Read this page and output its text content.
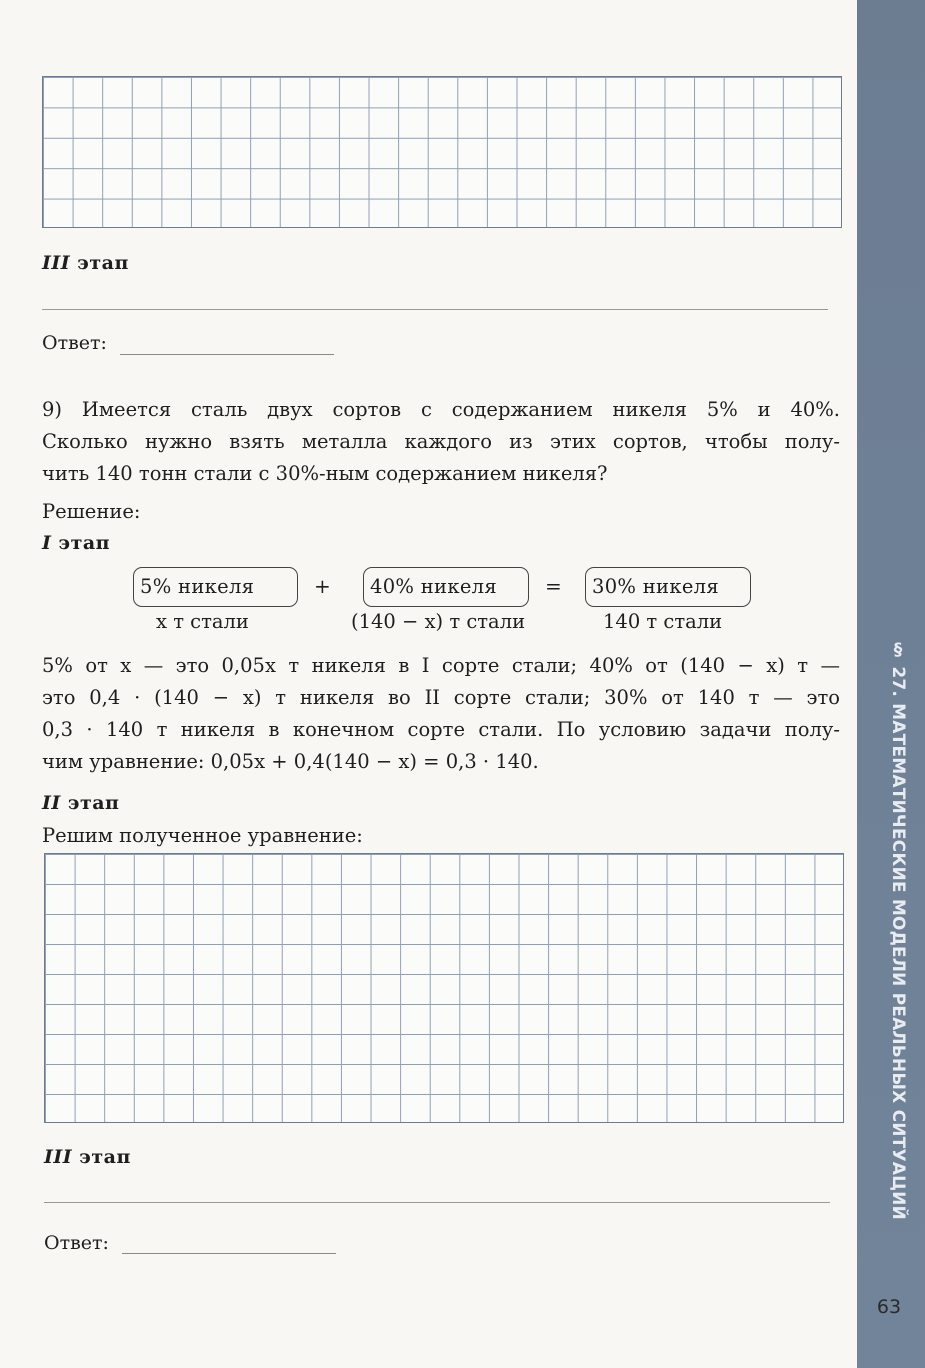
III этап
Ответ:
9) Имеется сталь двух сортов с содержанием никеля 5% и 40%.
Сколько нужно взять металла каждого из этих сортов, чтобы полу-
чить 140 тонн стали с 30%-ным содержанием никеля?
Решение:
I этап
5% никеля
x т стали
+	40% никеля
(140 − x) т стали
=	30% никеля
140 т стали
5% от x — это 0,05x т никеля в I сорте стали; 40% от (140 − x) т —
это 0,4 · (140 − x) т никеля во II сорте стали; 30% от 140 т — это
0,3 · 140 т никеля в конечном сорте стали. По условию задачи полу-
чим уравнение: 0,05x + 0,4(140 − x) = 0,3 · 140.
II этап
Решим полученное уравнение:
III этап
Ответ:
§ 27. МАТЕМАТИЧЕСКИЕ МОДЕЛИ РЕАЛЬНЫХ СИТУАЦИЙ
63
